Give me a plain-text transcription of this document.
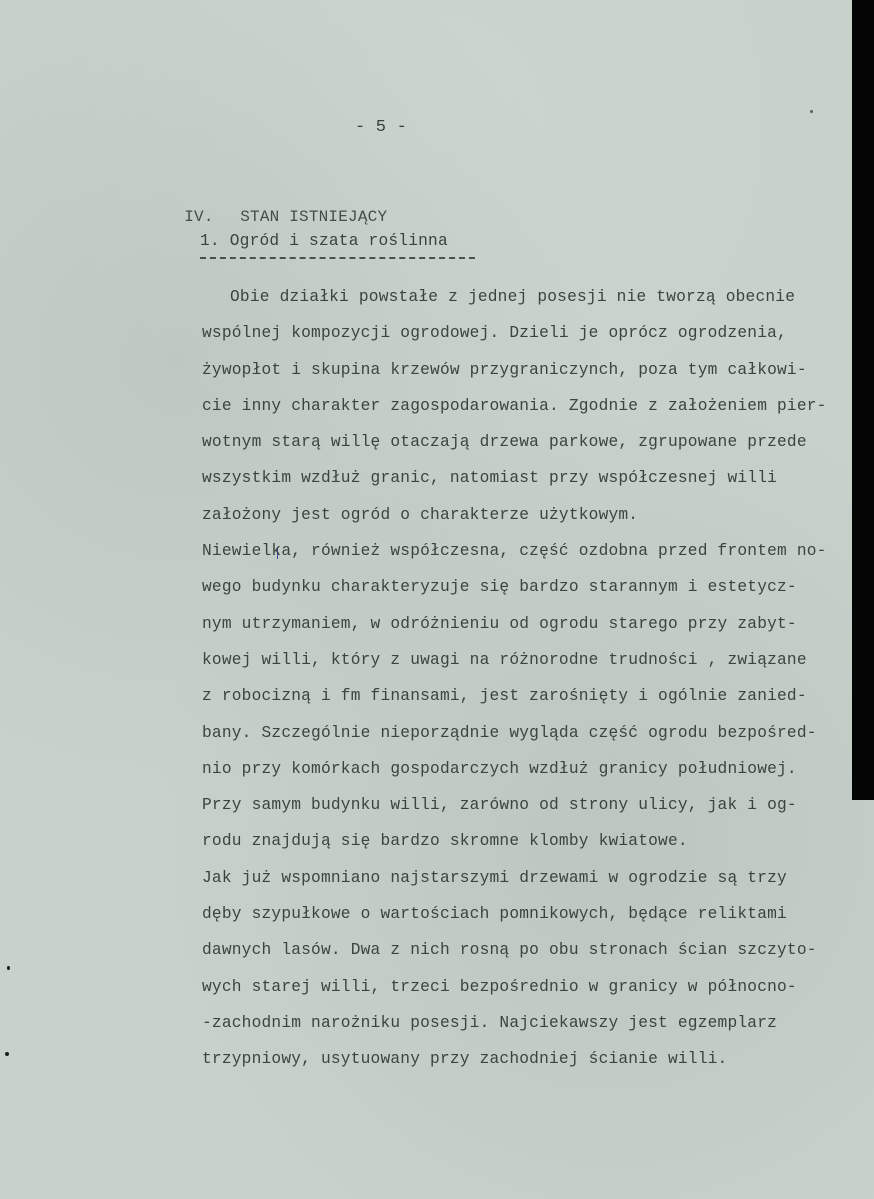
- 5 -

IV. STAN ISTNIEJĄCY

1. Ogród i szata roślinna
Obie działki powstałe z jednej posesji nie tworzą obecnie
wspólnej kompozycji ogrodowej. Dzieli je oprócz ogrodzenia,
żywopłot i skupina krzewów przygraniczynch, poza tym całkowi-
cie inny charakter zagospodarowania. Zgodnie z założeniem pier-
wotnym starą willę otaczają drzewa parkowe, zgrupowane przede
wszystkim wzdłuż granic, natomiast przy współczesnej willi
założony jest ogród o charakterze użytkowym.
Niewielka, również współczesna, część ozdobna przed frontem no-
wego budynku charakteryzuje się bardzo starannym i estetycz-
nym utrzymaniem, w odróżnieniu od ogrodu starego przy zabyt-
kowej willi, który z uwagi na różnorodne trudności , związane
z robocizną i fm finansami, jest zarośnięty i ogólnie zanied-
bany. Szczególnie nieporządnie wygląda część ogrodu bezpośred-
nio przy komórkach gospodarczych wzdłuż granicy południowej.
Przy samym budynku willi, zarówno od strony ulicy, jak i og-
rodu znajdują się bardzo skromne klomby kwiatowe.
Jak już wspomniano najstarszymi drzewami w ogrodzie są trzy
dęby szypułkowe o wartościach pomnikowych, będące reliktami
dawnych lasów. Dwa z nich rosną po obu stronach ścian szczyto-
wych starej willi, trzeci bezpośrednio w granicy w północno-
-zachodnim narożniku posesji. Najciekawszy jest egzemplarz
trzypniowy, usytuowany przy zachodniej ścianie willi.
